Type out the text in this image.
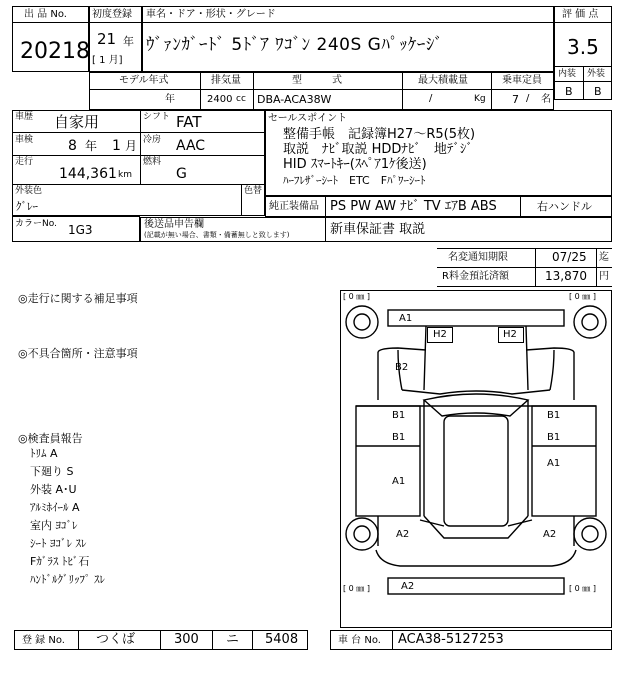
出 品 No.
20218
初度登録
21 年
[ 1 月]
車名・ドア・形状・グレード
ｳﾞｧﾝｶﾞｰﾄﾞ 5ﾄﾞｱ ﾜｺﾞﾝ 240S Gﾊﾟｯｹｰｼﾞ
評 価 点
3.5
内装 外装
B B
モデル年式
年
排気量
2400 cc
型　　　式
DBA-ACA38W
最大積載量
/	Kg
乗車定員
7 / 名
車歴 自家用	シフト FAT
車検 8 年 1 月 冷房 AAC
走行
144,361 km
燃料
G
外装色
ｸﾞﾚｰ
色替
カラーNo. 1G3
セールスポイント
整備手帳　記録簿H27～R5(5枚)
取説　ﾅﾋﾞ取説 HDDﾅﾋﾞ　地ﾃﾞｼﾞ
HID ｽﾏｰﾄｷｰ(ｽﾍﾟｱ1ｹ後送)
ﾊｰﾌﾚｻﾞｰｼｰﾄ　ETC　Fﾊﾟﾜｰｼｰﾄ
純正装備品 PS PW AW ﾅﾋﾞ TV ｴｱB ABS	右ハンドル
後送品申告欄
(記載が無い場合、書類・備蓄無しと致します)	新車保証書 取説
名変通知期限	07/25 迄
R料金預託済額	13,870 円
◎走行に関する補足事項
◎不具合箇所・注意事項
◎検査員報告
ﾄﾘﾑ A
下廻り S
外装 A･U
ｱﾙﾐﾎｲｰﾙ A
室内 ﾖｺﾞﾚ
ｼｰﾄ ﾖｺﾞﾚ ｽﾚ
Fｶﾞﾗｽ ﾄﾋﾞ石
ﾊﾝﾄﾞﾙｸﾞﾘｯﾌﾟ ｽﾚ
[ 0 ㎜ ]	[ 0 ㎜ ]
[ 0 ㎜ ]	[ 0 ㎜ ]
A1
H2	H2
B2
B1
B1
B1
B1
A1
A1
A2	A2
A2
登 録 No. つくば	300 ニ 5408	車 台 No. ACA38-5127253
